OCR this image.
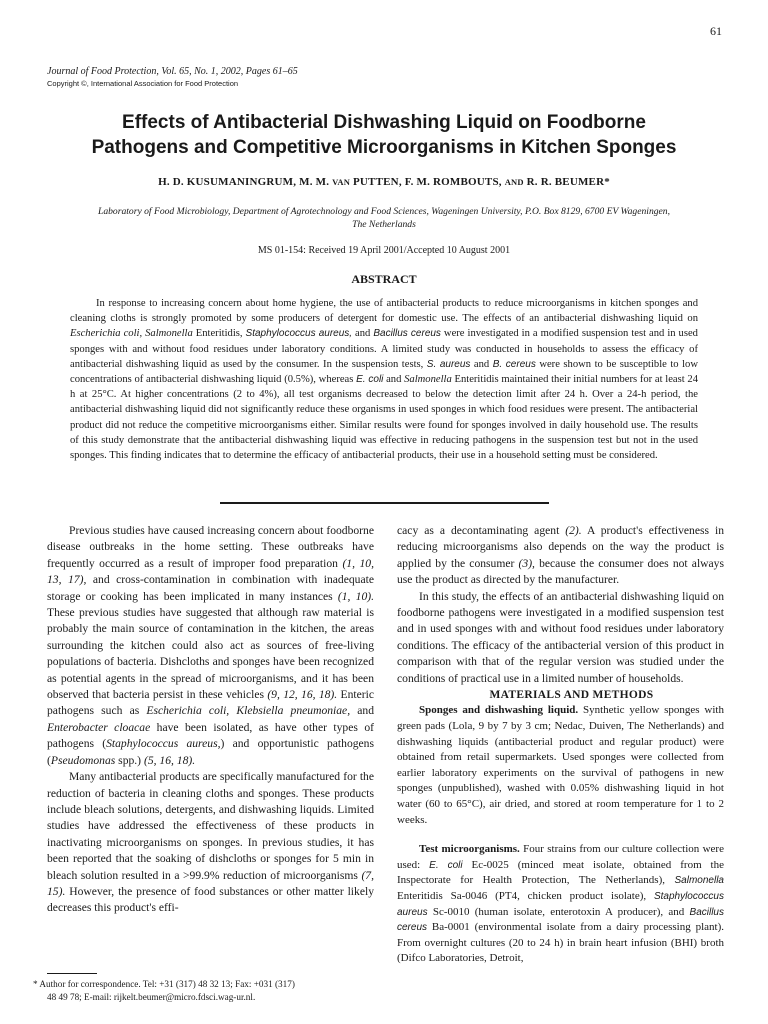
61
Journal of Food Protection, Vol. 65, No. 1, 2002, Pages 61–65
Copyright ©, International Association for Food Protection
Effects of Antibacterial Dishwashing Liquid on Foodborne
Pathogens and Competitive Microorganisms in Kitchen Sponges
H. D. KUSUMANINGRUM, M. M. VAN PUTTEN, F. M. ROMBOUTS, AND R. R. BEUMER*
Laboratory of Food Microbiology, Department of Agrotechnology and Food Sciences, Wageningen University, P.O. Box 8129, 6700 EV Wageningen,
The Netherlands
MS 01-154: Received 19 April 2001/Accepted 10 August 2001
ABSTRACT

In response to increasing concern about home hygiene, the use of antibacterial products to reduce microorganisms in kitchen sponges and cleaning cloths is strongly promoted by some producers of detergent for domestic use. The effects of an antibacterial dishwashing liquid on Escherichia coli, Salmonella Enteritidis, Staphylococcus aureus, and Bacillus cereus were investigated in a modified suspension test and in used sponges with and without food residues under laboratory conditions. A limited study was conducted in households to assess the efficacy of antibacterial dishwashing liquid as used by the consumer. In the suspension tests, S. aureus and B. cereus were shown to be susceptible to low concentrations of antibacterial dishwashing liquid (0.5%), whereas E. coli and Salmonella Enteritidis maintained their initial numbers for at least 24 h at 25°C. At higher concentrations (2 to 4%), all test organisms decreased to below the detection limit after 24 h. Over a 24-h period, the antibacterial dishwashing liquid did not significantly reduce these organisms in used sponges in which food residues were present. The antibacterial product did not reduce the competitive microorganisms either. Similar results were found for sponges involved in daily household use. The results of this study demonstrate that the antibacterial dishwashing liquid was effective in reducing pathogens in the suspension test but not in the used sponges. This finding indicates that to determine the efficacy of antibacterial products, their use in a household setting must be considered.

Previous studies have caused increasing concern about foodborne disease outbreaks in the home setting. These outbreaks have frequently occurred as a result of improper food preparation (1, 10, 13, 17), and cross-contamination in combination with inadequate storage or cooking has been implicated in many instances (1, 10). These previous studies have suggested that although raw material is probably the main source of contamination in the kitchen, the areas surrounding the kitchen could also act as sources of free-living populations of bacteria. Dishcloths and sponges have been recognized as potential agents in the spread of microorganisms, and it has been observed that bacteria persist in these vehicles (9, 12, 16, 18). Enteric pathogens such as Escherichia coli, Klebsiella pneumoniae, and Enterobacter cloacae have been isolated, as have other types of pathogens (Staphylococcus aureus,) and opportunistic pathogens (Pseudomonas spp.) (5, 16, 18).

Many antibacterial products are specifically manufactured for the reduction of bacteria in cleaning cloths and sponges. These products include bleach solutions, detergents, and dishwashing liquids. Limited studies have addressed the effectiveness of these products in inactivating microorganisms on sponges. In previous studies, it has been reported that the soaking of dishcloths or sponges for 5 min in bleach solution resulted in a >99.9% reduction of microorganisms (7, 15). However, the presence of food substances or other matter likely decreases this product's effi-

cacy as a decontaminating agent (2). A product's effectiveness in reducing microorganisms also depends on the way the product is applied by the consumer (3), because the consumer does not always use the product as directed by the manufacturer.

In this study, the effects of an antibacterial dishwashing liquid on foodborne pathogens were investigated in a modified suspension test and in used sponges with and without food residues under laboratory conditions. The efficacy of the antibacterial version of this product in comparison with that of the regular version was studied under the conditions of practical use in a limited number of households.

MATERIALS AND METHODS

Sponges and dishwashing liquid. Synthetic yellow sponges with green pads (Lola, 9 by 7 by 3 cm; Nedac, Duiven, The Netherlands) and dishwashing liquids (antibacterial product and regular product) were obtained from retail supermarkets. Used sponges were collected from earlier laboratory experiments on the survival of pathogens in new sponges (unpublished), washed with 0.05% dishwashing liquid in hot water (60 to 65°C), air dried, and stored at room temperature for 1 to 2 weeks.

Test microorganisms. Four strains from our culture collection were used: E. coli Ec-0025 (minced meat isolate, obtained from the Inspectorate for Health Protection, The Netherlands), Salmonella Enteritidis Sa-0046 (PT4, chicken product isolate), Staphylococcus aureus Sc-0010 (human isolate, enterotoxin A producer), and Bacillus cereus Ba-0001 (environmental isolate from a dairy processing plant). From overnight cultures (20 to 24 h) in brain heart infusion (BHI) broth (Difco Laboratories, Detroit,

* Author for correspondence. Tel: +31 (317) 48 32 13; Fax: +031 (317)
48 49 78; E-mail: rijkelt.beumer@micro.fdsci.wag-ur.nl.
